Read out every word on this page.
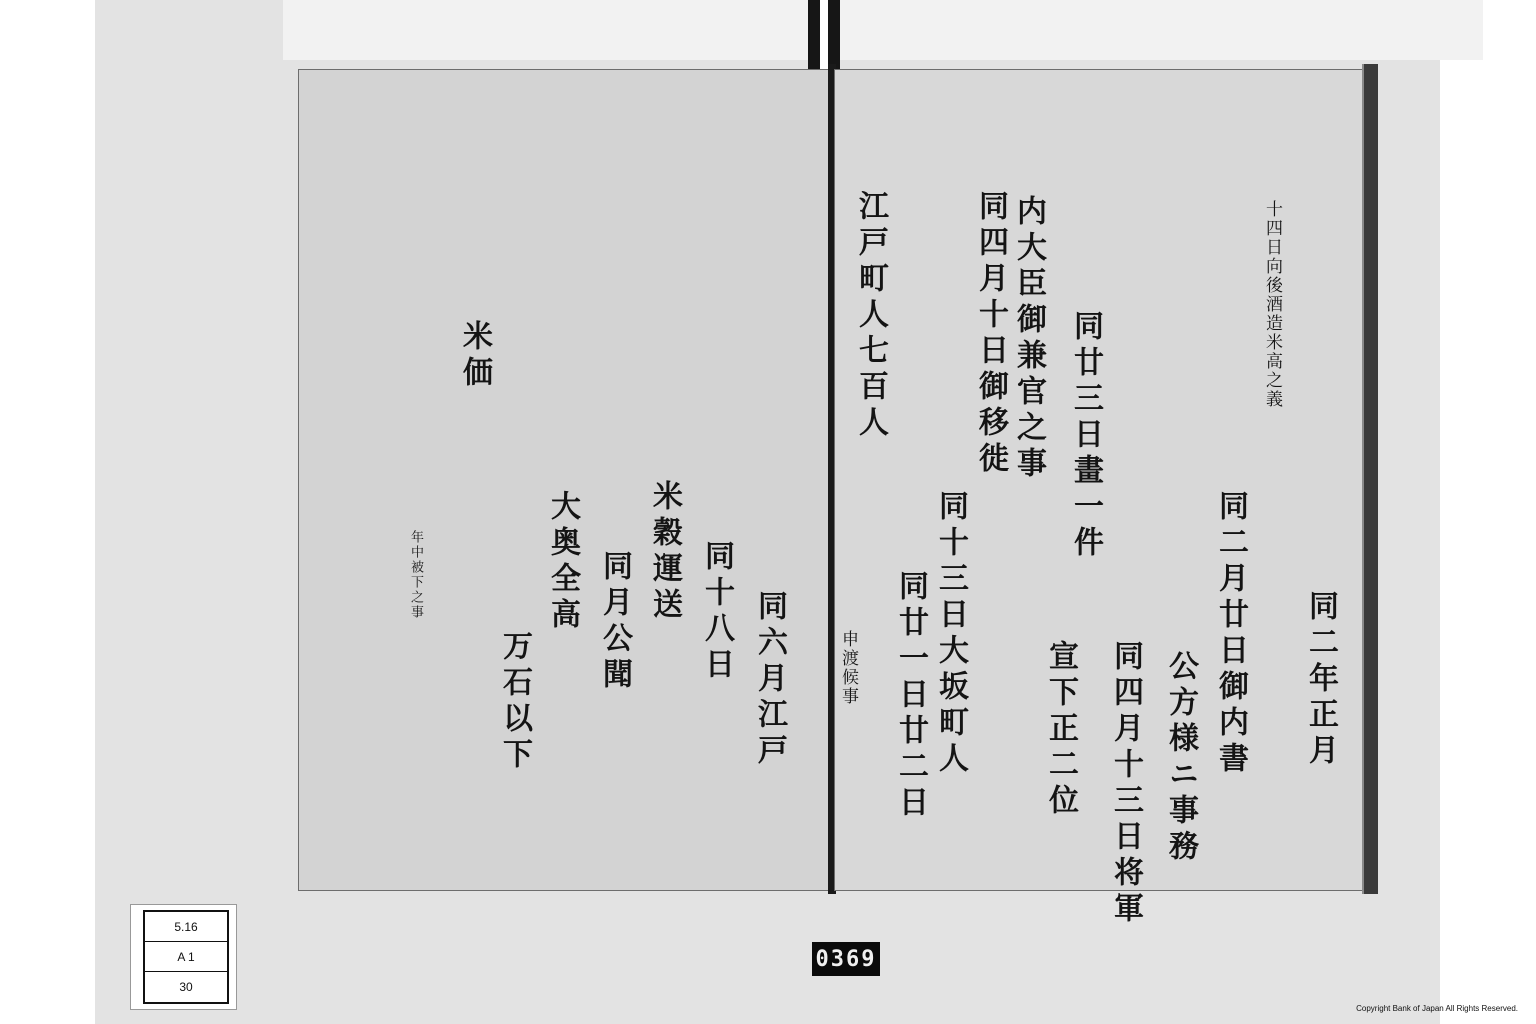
同十八日
米穀運送
同月公聞
万石以下
大奥全高
同六月江戸
米価
年中被下之事
同二年正月
十四日向後酒造米高之義
同二月廿日御内書
同廿三日畫一件
同四月十三日将軍
宣下正二位
内大臣御兼官之事
公方様ニ事務
同四月十日御移徙
同十三日大坂町人
同廿一日廿二日
江戸町人七百人
申渡候事
5.16
A 1
30
0369
Copyright Bank of Japan All Rights Reserved.
